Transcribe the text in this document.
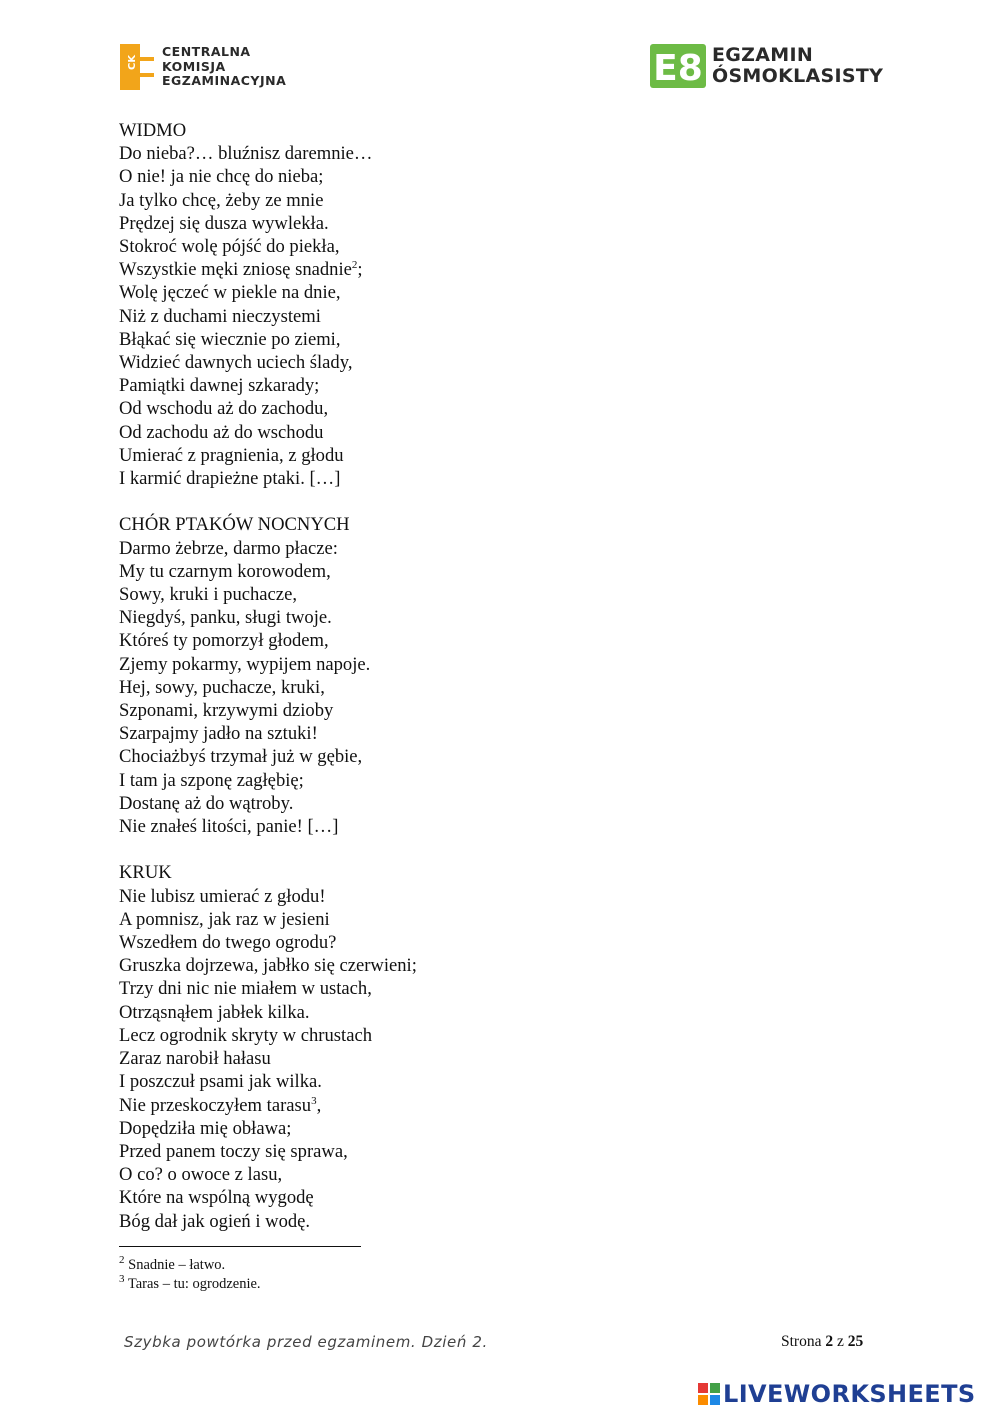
CK
CENTRALNA
KOMISJA
EGZAMINACYJNA	E8 EGZAMIN
ÓSMOKLASISTY
WIDMO
Do nieba?… bluźnisz daremnie…
O nie! ja nie chcę do nieba;
Ja tylko chcę, żeby ze mnie
Prędzej się dusza wywlekła.
Stokroć wolę pójść do piekła,
Wszystkie męki zniosę snadnie$^2$;
Wolę jęczeć w piekle na dnie,
Niż z duchami nieczystemi
Błąkać się wiecznie po ziemi,
Widzieć dawnych uciech ślady,
Pamiątki dawnej szkarady;
Od wschodu aż do zachodu,
Od zachodu aż do wschodu
Umierać z pragnienia, z głodu
I karmić drapieżne ptaki. […]
CHÓR PTAKÓW NOCNYCH
Darmo żebrze, darmo płacze:
My tu czarnym korowodem,
Sowy, kruki i puchacze,
Niegdyś, panku, sługi twoje.
Któreś ty pomorzył głodem,
Zjemy pokarmy, wypijem napoje.
Hej, sowy, puchacze, kruki,
Szponami, krzywymi dzioby
Szarpajmy jadło na sztuki!
Chociażbyś trzymał już w gębie,
I tam ja szponę zagłębię;
Dostanę aż do wątroby.
Nie znałeś litości, panie! […]
KRUK
Nie lubisz umierać z głodu!
A pomnisz, jak raz w jesieni
Wszedłem do twego ogrodu?
Gruszka dojrzewa, jabłko się czerwieni;
Trzy dni nic nie miałem w ustach,
Otrząsnąłem jabłek kilka.
Lecz ogrodnik skryty w chrustach
Zaraz narobił hałasu
I poszczuł psami jak wilka.
Nie przeskoczyłem tarasu$^3$,
Dopędziła mię obława;
Przed panem toczy się sprawa,
O co? o owoce z lasu,
Które na wspólną wygodę
Bóg dał jak ogień i wodę.
$^2$ Snadnie – łatwo.
$^3$ Taras – tu: ogrodzenie.
Szybka powtórka przed egzaminem. Dzień 2.	Strona 2 z 25
LIVEWORKSHEETS
